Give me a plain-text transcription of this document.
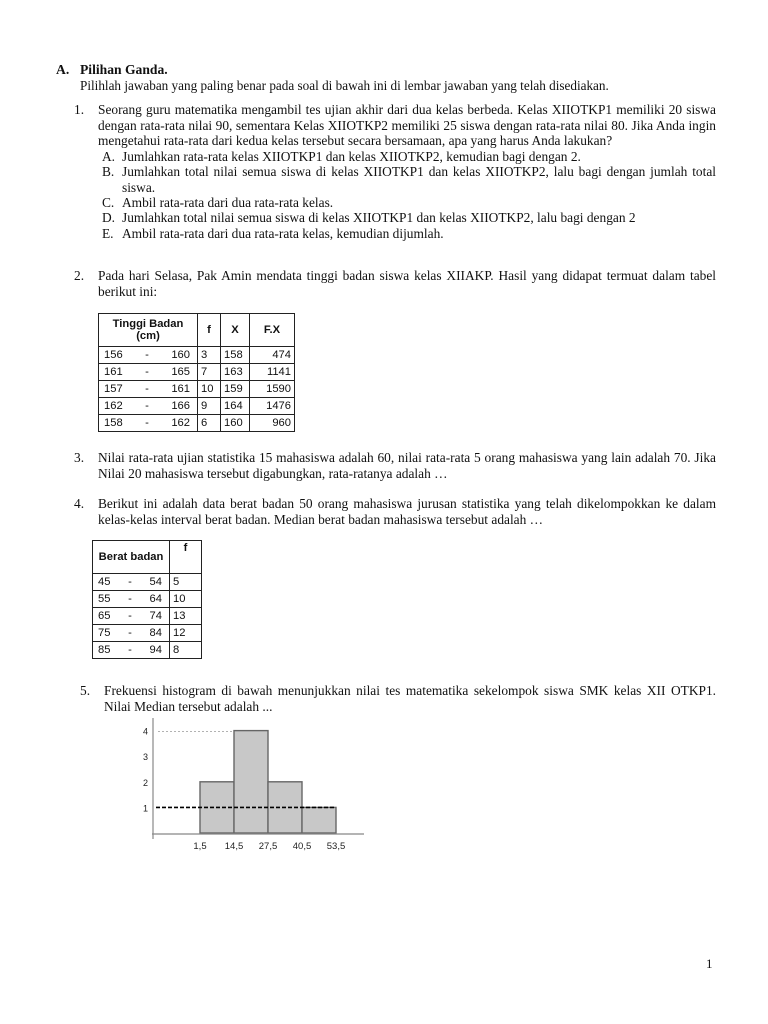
A. Pilihan Ganda.
Pilihlah jawaban yang paling benar pada soal di bawah ini di lembar jawaban yang telah disediakan.
1.	Seorang guru matematika mengambil tes ujian akhir dari dua kelas berbeda. Kelas XIIOTKP1 memiliki 20 siswa dengan rata-rata nilai 90, sementara Kelas XIIOTKP2 memiliki 25 siswa dengan rata-rata nilai 80. Jika Anda ingin mengetahui rata-rata dari kedua kelas tersebut secara bersamaan, apa yang harus Anda lakukan?
A. Jumlahkan rata-rata kelas XIIOTKP1 dan kelas XIIOTKP2, kemudian bagi dengan 2.
B. Jumlahkan total nilai semua siswa di kelas XIIOTKP1 dan kelas XIIOTKP2, lalu bagi dengan jumlah total siswa.
C. Ambil rata-rata dari dua rata-rata kelas.
D. Jumlahkan total nilai semua siswa di kelas XIIOTKP1 dan kelas XIIOTKP2, lalu bagi dengan 2
E. Ambil rata-rata dari dua rata-rata kelas, kemudian dijumlah.
2.	Pada hari Selasa, Pak Amin mendata tinggi badan siswa kelas XIIAKP. Hasil yang didapat termuat dalam tabel berikut ini:
Tinggi Badan (cm)	f	X	F.X

156 - 160	3	158	474

161 - 165	7	163	1141

157 - 161	10	159	1590

162 - 166	9	164	1476

158 - 162	6	160	960
3.	Nilai rata-rata ujian statistika 15 mahasiswa adalah 60, nilai rata-rata 5 orang mahasiswa yang lain adalah 70. Jika Nilai 20 mahasiswa tersebut digabungkan, rata-ratanya adalah …
4.	Berikut ini adalah data berat badan 50 orang mahasiswa jurusan statistika yang telah dikelompokkan ke dalam kelas-kelas interval berat badan. Median berat badan mahasiswa tersebut adalah …
Berat badan	f

45 - 54	5

55 - 64	10

65 - 74	13

75 - 84	12

85 - 94	8
5.	Frekuensi histogram di bawah menunjukkan nilai tes matematika sekelompok siswa SMK kelas XII OTKP1. Nilai Median tersebut adalah ...
1
2
3
4
1,5 14,5 27,5 40,5 53,5
1
